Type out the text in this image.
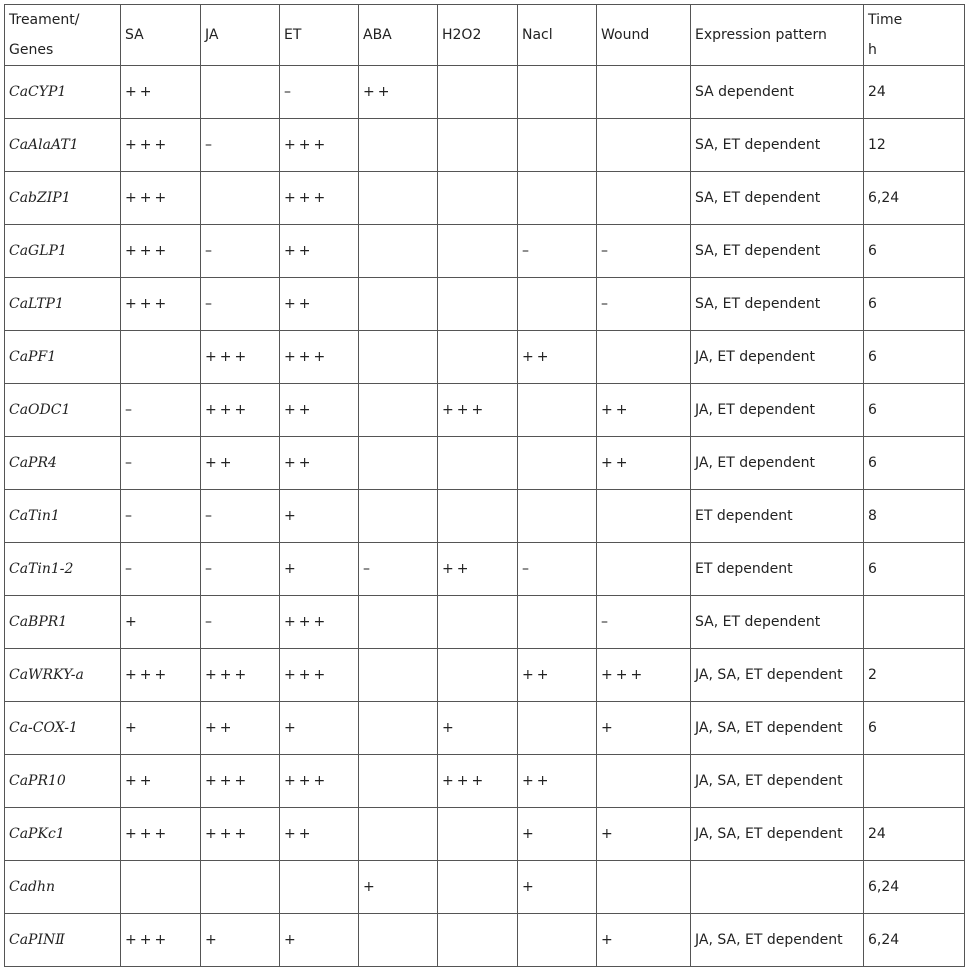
Treament/
Genes	SA	JA	ET	ABA	H2O2	Nacl	Wound	Expression pattern	Time
h

CaCYP1	++		–	++				SA dependent	24
CaAlaAT1	+++	–	+++					SA, ET dependent	12
CabZIP1	+++		+++					SA, ET dependent	6,24
CaGLP1	+++	–	++			–	–	SA, ET dependent	6
CaLTP1	+++	–	++				–	SA, ET dependent	6
CaPF1		+++	+++			++		JA, ET dependent	6
CaODC1	–	+++	++		+++		++	JA, ET dependent	6
CaPR4	–	++	++				++	JA, ET dependent	6
CaTin1	–	–	+					ET dependent	8
CaTin1-2	–	–	+	–	++	–		ET dependent	6
CaBPR1	+	–	+++				–	SA, ET dependent	
CaWRKY-a	+++	+++	+++			++	+++	JA, SA, ET dependent	2
Ca-COX-1	+	++	+		+		+	JA, SA, ET dependent	6
CaPR10	++	+++	+++		+++	++		JA, SA, ET dependent	
CaPKc1	+++	+++	++			+	+	JA, SA, ET dependent	24
Cadhn				+		+			6,24
CaPINⅡ	+++	+	+				+	JA, SA, ET dependent	6,24
